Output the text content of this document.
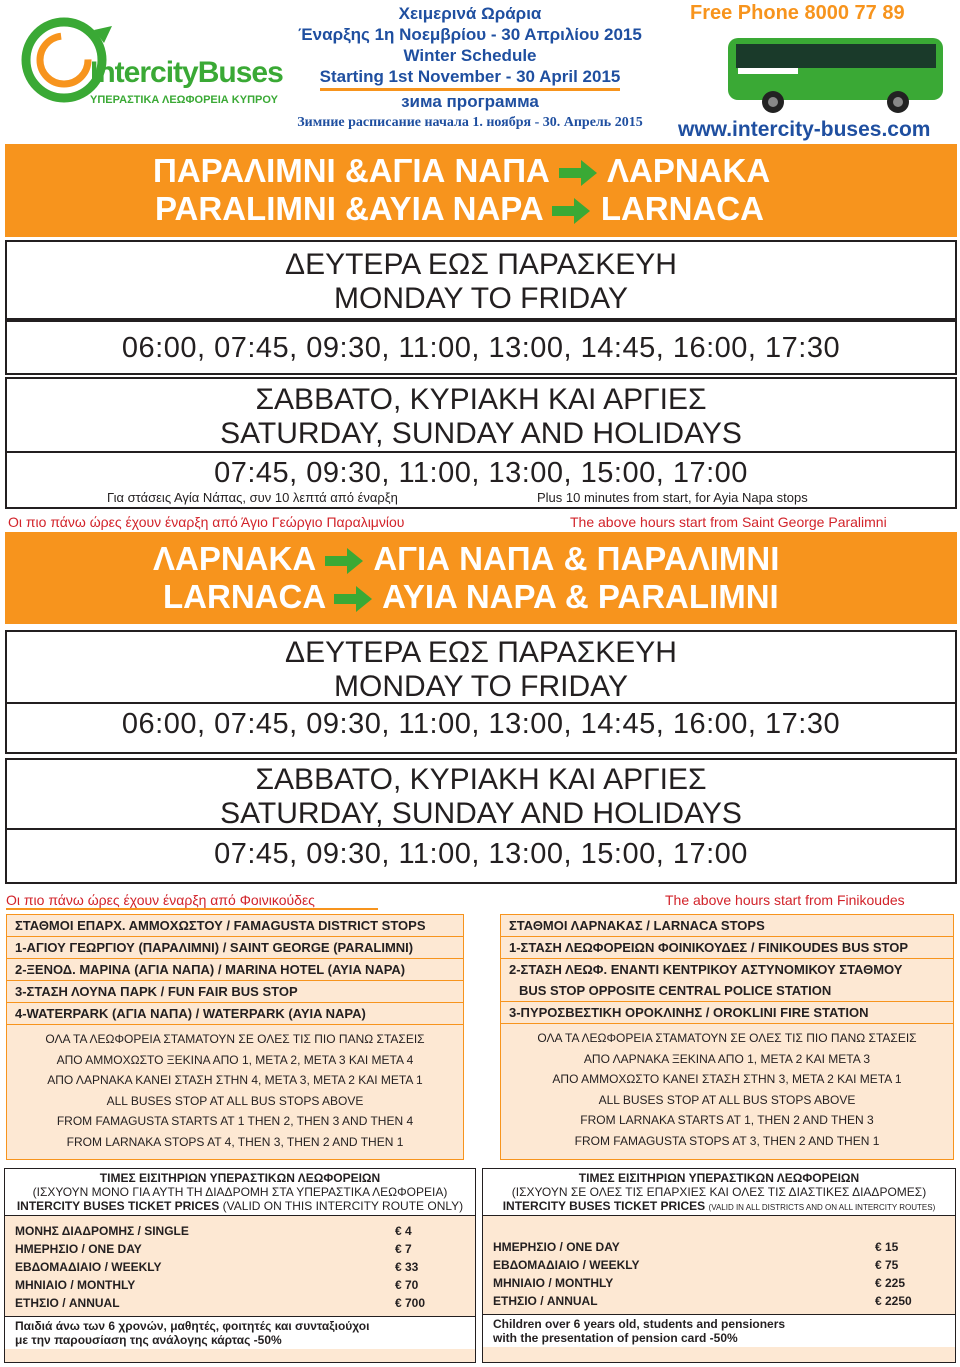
IntercityBuses
ΥΠΕΡΑΣΤΙΚΑ ΛΕΩΦΟΡΕΙΑ ΚΥΠΡΟΥ
Χειμερινά Ωράρια
Έναρξης 1η Νοεμβρίου - 30 Απριλίου 2015
Winter Schedule
Starting 1st November - 30 April 2015
зима программа
Зимние расписание начала 1. ноября - 30. Апрель 2015
Free Phone 8000 77 89
www.intercity-buses.com
ΠΑΡΑΛΙΜΝΙ &ΑΓΙΑ ΝΑΠΑ ΛΑΡΝΑΚΑ
PARALIMNI &AYIA NAPA LARNACA
ΔΕΥΤΕΡΑ ΕΩΣ ΠΑΡΑΣΚΕΥΗ
MONDAY TO FRIDAY
06:00, 07:45, 09:30, 11:00, 13:00, 14:45, 16:00, 17:30
ΣΑΒΒΑΤΟ, ΚΥΡΙΑΚΗ ΚΑΙ ΑΡΓΙΕΣ
SATURDAY, SUNDAY AND HOLIDAYS
07:45, 09:30, 11:00, 13:00, 15:00, 17:00
Για στάσεις Αγία Νάπας, συν 10 λεπτά από έναρξη	Plus 10 minutes from start, for Ayia Napa stops
Οι πιο πάνω ώρες έχουν έναρξη από Άγιο Γεώργιο Παραλιμνίου	The above hours start from Saint George Paralimni
ΛΑΡΝΑΚΑ ΑΓΙΑ ΝΑΠΑ & ΠΑΡΑΛΙΜΝΙ
LARNACA AYIA NAPA & PARALIMNI
ΔΕΥΤΕΡΑ ΕΩΣ ΠΑΡΑΣΚΕΥΗ
MONDAY TO FRIDAY
06:00, 07:45, 09:30, 11:00, 13:00, 14:45, 16:00, 17:30
ΣΑΒΒΑΤΟ, ΚΥΡΙΑΚΗ ΚΑΙ ΑΡΓΙΕΣ
SATURDAY, SUNDAY AND HOLIDAYS
07:45, 09:30, 11:00, 13:00, 15:00, 17:00
Οι πιο πάνω ώρες έχουν έναρξη από Φοινικούδες	The above hours start from Finikoudes
ΣΤΑΘΜΟΙ ΕΠΑΡΧ. ΑΜΜΟΧΩΣΤΟΥ / FAMAGUSTA DISTRICT STOPS
1-ΑΓΙΟΥ ΓΕΩΡΓΙΟΥ (ΠΑΡΑΛΙΜΝΙ) / SAINT GEORGE (PARALIMNI)
2-ΞΕΝΟΔ. ΜΑΡΙΝΑ (ΑΓΙΑ ΝΑΠΑ) / MARINA HOTEL (AYIA NAPA)
3-ΣΤΑΣΗ ΛΟΥΝΑ ΠΑΡΚ / FUN FAIR BUS STOP
4-WATERPARK (ΑΓΙΑ ΝΑΠΑ) / WATERPARK (AYIA NAPA)
ΟΛΑ ΤΑ ΛΕΩΦΟΡΕΙΑ ΣΤΑΜΑΤΟΥΝ ΣΕ ΟΛΕΣ ΤΙΣ ΠΙΟ ΠΑΝΩ ΣΤΑΣΕΙΣ
ΑΠΟ ΑΜΜΟΧΩΣΤΟ ΞΕΚΙΝΑ ΑΠΟ 1, ΜΕΤΑ 2, ΜΕΤΑ 3 ΚΑΙ ΜΕΤΑ 4
ΑΠΟ ΛΑΡΝΑΚΑ ΚΑΝΕΙ ΣΤΑΣΗ ΣΤΗΝ 4, ΜΕΤΑ 3, ΜΕΤΑ 2 ΚΑΙ ΜΕΤΑ 1
ALL BUSES STOP AT ALL BUS STOPS ABOVE
FROM FAMAGUSTA STARTS AT 1 THEN 2, THEN 3 AND THEN 4
FROM LARNAKA STOPS AT 4, THEN 3, THEN 2 AND THEN 1
ΣΤΑΘΜΟΙ ΛΑΡΝΑΚΑΣ / LARNACA STOPS
1-ΣΤΑΣΗ ΛΕΩΦΟΡΕΙΩΝ ΦΟΙΝΙΚΟΥΔΕΣ / FINIKOUDES BUS STOP
2-ΣΤΑΣΗ ΛΕΩΦ. ΕΝΑΝΤΙ ΚΕΝΤΡΙΚΟΥ ΑΣΤΥΝΟΜΙΚΟΥ ΣΤΑΘΜΟΥ
BUS STOP OPPOSITE CENTRAL POLICE STATION
3-ΠΥΡΟΣΒΕΣΤΙΚΗ ΟΡΟΚΛΙΝΗΣ / OROKLINI FIRE STATION
ΟΛΑ ΤΑ ΛΕΩΦΟΡΕΙΑ ΣΤΑΜΑΤΟΥΝ ΣΕ ΟΛΕΣ ΤΙΣ ΠΙΟ ΠΑΝΩ ΣΤΑΣΕΙΣ
ΑΠΟ ΛΑΡΝΑΚΑ ΞΕΚΙΝΑ ΑΠΟ 1, ΜΕΤΑ 2 ΚΑΙ ΜΕΤΑ 3
ΑΠΟ ΑΜΜΟΧΩΣΤΟ ΚΑΝΕΙ ΣΤΑΣΗ ΣΤΗΝ 3, ΜΕΤΑ 2 ΚΑΙ ΜΕΤΑ 1
ALL BUSES STOP AT ALL BUS STOPS ABOVE
FROM LARNAKA STARTS AT 1, THEN 2 AND THEN 3
FROM FAMAGUSTA STOPS AT 3, THEN 2 AND THEN 1
ΤΙΜΕΣ ΕΙΣΙΤΗΡΙΩΝ ΥΠΕΡΑΣΤΙΚΩΝ ΛΕΩΦΟΡΕΙΩΝ
(ΙΣΧΥΟΥΝ ΜΟΝΟ ΓΙΑ ΑΥΤΗ ΤΗ ΔΙΑΔΡΟΜΗ ΣΤΑ ΥΠΕΡΑΣΤΙΚΑ ΛΕΩΦΟΡΕΙΑ)
INTERCITY BUSES TICKET PRICES (VALID ON THIS INTERCITY ROUTE ONLY)
ΜΟΝΗΣ ΔΙΑΔΡΟΜΗΣ / SINGLE	€ 4
ΗΜΕΡΗΣΙΟ / ONE DAY	€ 7
ΕΒΔΟΜΑΔΙΑΙΟ / WEEKLY	€ 33
ΜΗΝΙΑΙΟ / MONTHLY	€ 70
ΕΤΗΣΙΟ / ANNUAL	€ 700
Παιδιά άνω των 6 χρονών, μαθητές, φοιτητές και συνταξιούχοι
με την παρουσίαση της ανάλογης κάρτας -50%
ΤΙΜΕΣ ΕΙΣΙΤΗΡΙΩΝ ΥΠΕΡΑΣΤΙΚΩΝ ΛΕΩΦΟΡΕΙΩΝ
(ΙΣΧΥΟΥΝ ΣΕ ΟΛΕΣ ΤΙΣ ΕΠΑΡΧΙΕΣ ΚΑΙ ΟΛΕΣ ΤΙΣ ΔΙΑΣΤΙΚΕΣ ΔΙΑΔΡΟΜΕΣ)
INTERCITY BUSES TICKET PRICES (VALID IN ALL DISTRICTS AND ON ALL INTERCITY ROUTES)
ΗΜΕΡΗΣΙΟ / ONE DAY	€ 15
ΕΒΔΟΜΑΔΙΑΙΟ / WEEKLY	€ 75
ΜΗΝΙΑΙΟ / MONTHLY	€ 225
ΕΤΗΣΙΟ / ANNUAL	€ 2250
Children over 6 years old, students and pensioners
with the presentation of pension card -50%
